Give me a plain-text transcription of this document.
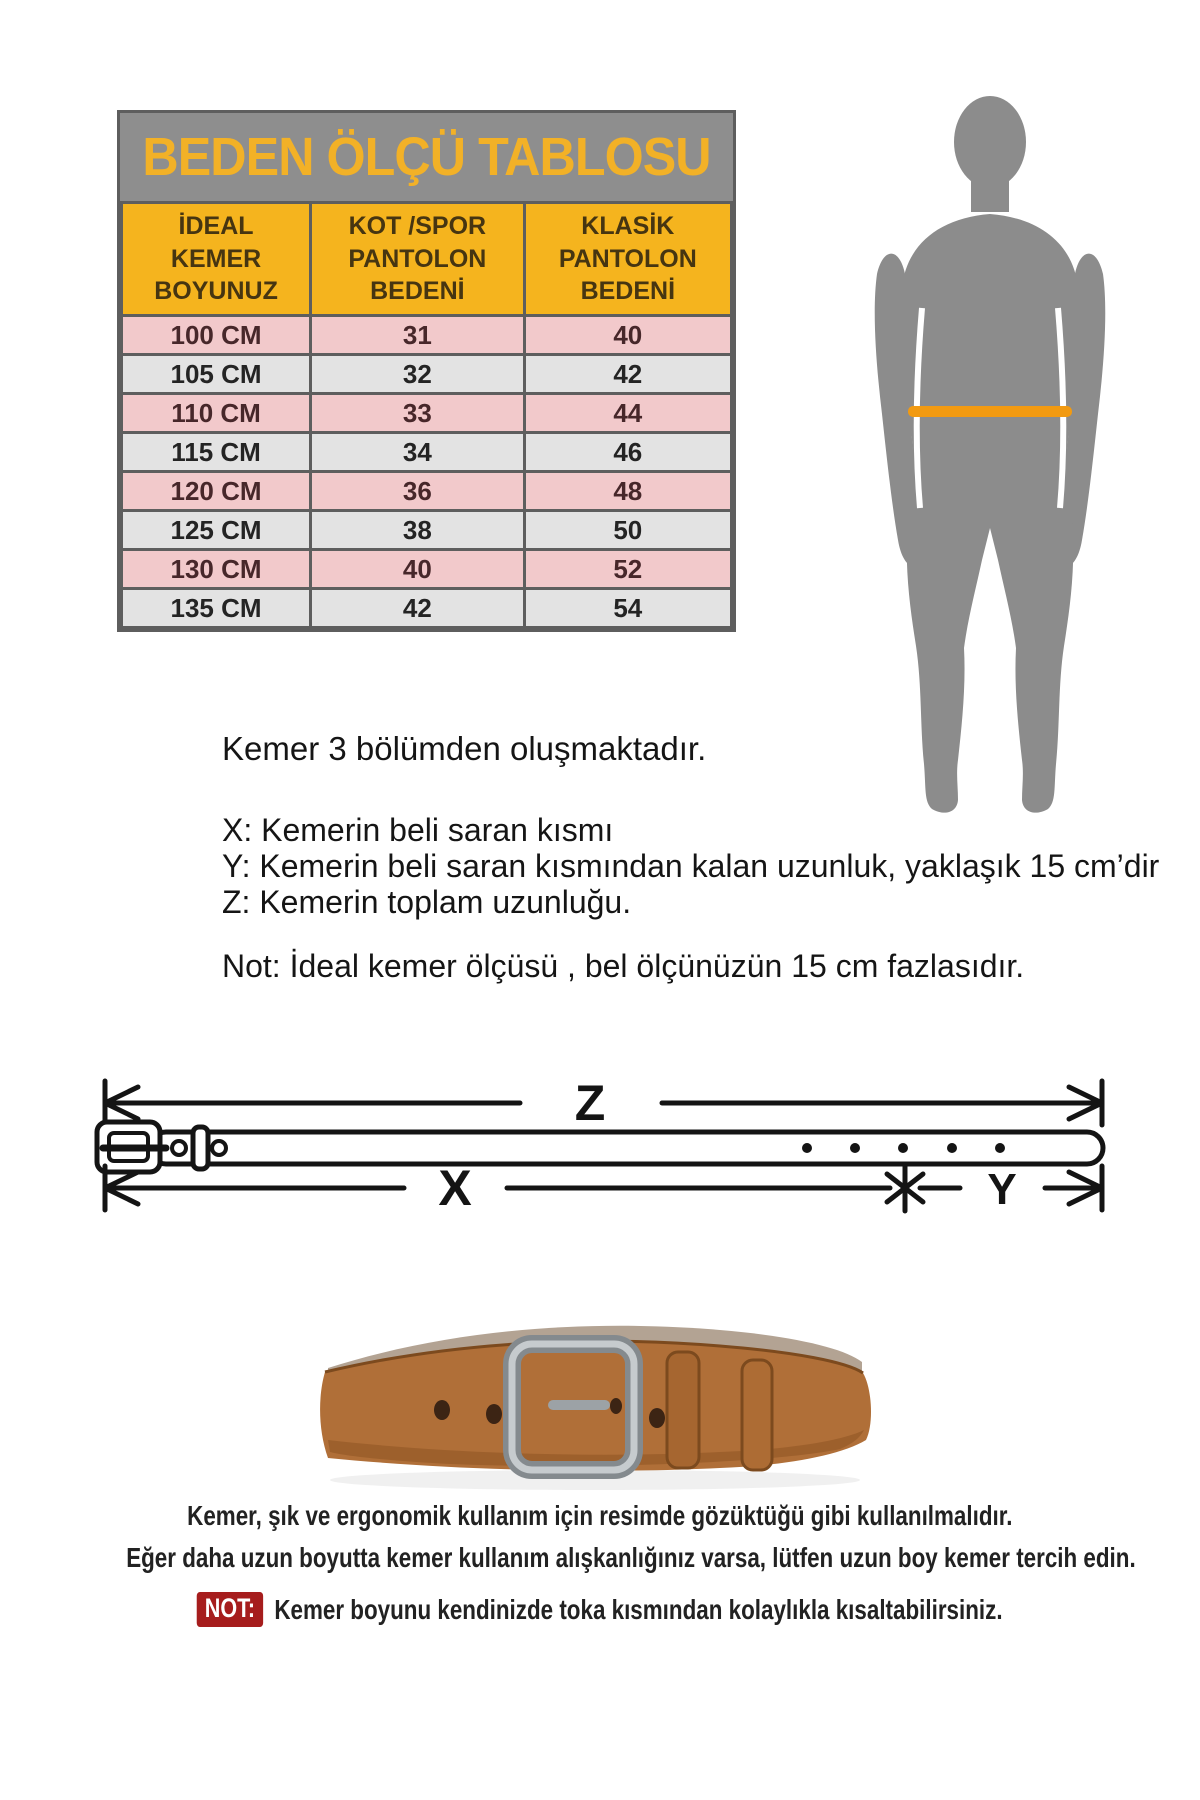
BEDEN ÖLÇÜ TABLOSU
İDEAL KEMER BOYUNUZ	KOT /SPOR PANTOLON BEDENİ	KLASİK PANTOLON BEDENİ
100 CM	31	40
105 CM	32	42
110 CM	33	44
115 CM	34	46
120 CM	36	48
125 CM	38	50
130 CM	40	52
135 CM	42	54
Kemer 3 bölümden oluşmaktadır.
X: Kemerin beli saran kısmı
Y: Kemerin beli saran kısmından kalan uzunluk, yaklaşık 15 cm’dir
Z: Kemerin toplam uzunluğu.
Not: İdeal kemer ölçüsü , bel ölçünüzün 15 cm fazlasıdır.
Z
X	Y
Kemer, şık ve ergonomik kullanım için resimde gözüktüğü gibi kullanılmalıdır.
Eğer daha uzun boyutta kemer kullanım alışkanlığınız varsa, lütfen uzun boy kemer tercih edin.
NOT: Kemer boyunu kendinizde toka kısmından kolaylıkla kısaltabilirsiniz.
